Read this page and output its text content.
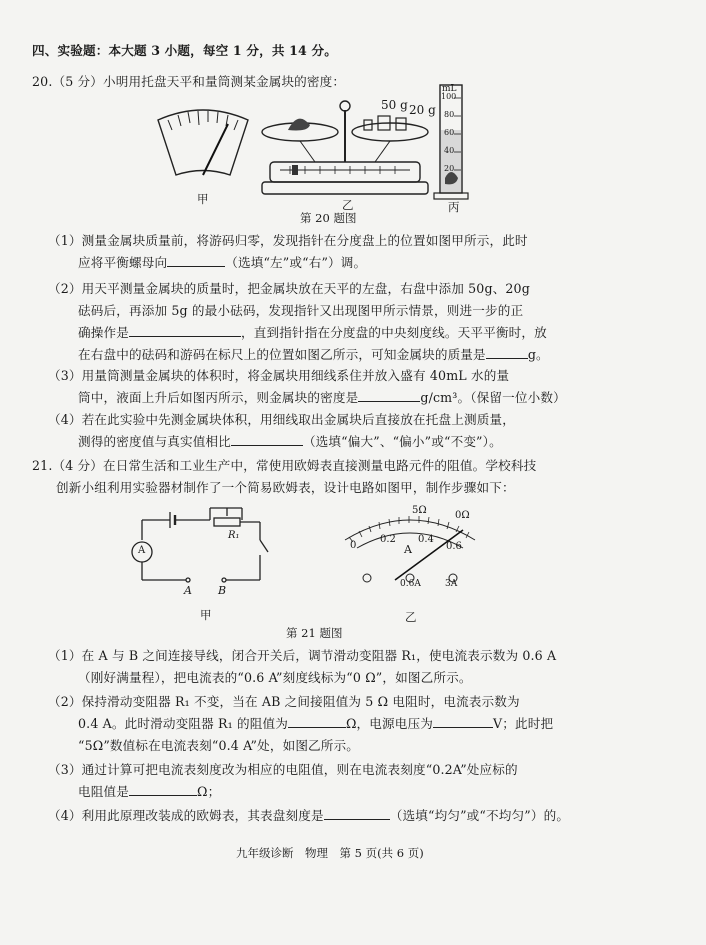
四、实验题：本大题 3 小题，每空 1 分，共 14 分。
20.（5 分）小明用托盘天平和量筒测某金属块的密度：
50 g 20 g
mL
100
80
60
40
20
甲	乙	丙
第 20 题图
（1）测量金属块质量前，将游码归零，发现指针在分度盘上的位置如图甲所示，此时
应将平衡螺母向	（选填“左”或“右”）调。
（2）用天平测量金属块的质量时，把金属块放在天平的左盘，右盘中添加 50g、20g
砝码后，再添加 5g 的最小砝码，发现指针又出现图甲所示情景，则进一步的正
确操作是	，直到指针指在分度盘的中央刻度线。天平平衡时，放
在右盘中的砝码和游码在标尺上的位置如图乙所示，可知金属块的质量是	g。
（3）用量筒测量金属块的体积时，将金属块用细线系住并放入盛有 40mL 水的量
筒中，液面上升后如图丙所示，则金属块的密度是	g/cm³。（保留一位小数）
（4）若在此实验中先测金属块体积，用细线取出金属块后直接放在托盘上测质量，
测得的密度值与真实值相比	（选填“偏大”、“偏小”或“不变”）。
21.（4 分）在日常生活和工业生产中，常使用欧姆表直接测量电路元件的阻值。学校科技
创新小组利用实验器材制作了一个简易欧姆表，设计电路如图甲，制作步骤如下：
A
R₁
A B
甲
5Ω	0Ω
0
0.2 0.4
0.6
A
0.6A	3A
乙
第 21 题图
（1）在 A 与 B 之间连接导线，闭合开关后，调节滑动变阻器 R₁，使电流表示数为 0.6 A
（刚好满量程），把电流表的“0.6 A”刻度线标为“0 Ω”，如图乙所示。
（2）保持滑动变阻器 R₁ 不变，当在 AB 之间接阻值为 5 Ω 电阻时，电流表示数为
0.4 A。此时滑动变阻器 R₁ 的阻值为	Ω，电源电压为	V；此时把
“5Ω”数值标在电流表刻“0.4 A”处，如图乙所示。
（3）通过计算可把电流表刻度改为相应的电阻值，则在电流表刻度“0.2A”处应标的
电阻值是	Ω；
（4）利用此原理改装成的欧姆表，其表盘刻度是	（选填“均匀”或“不均匀”）的。
九年级诊断　物理　第 5 页(共 6 页)
